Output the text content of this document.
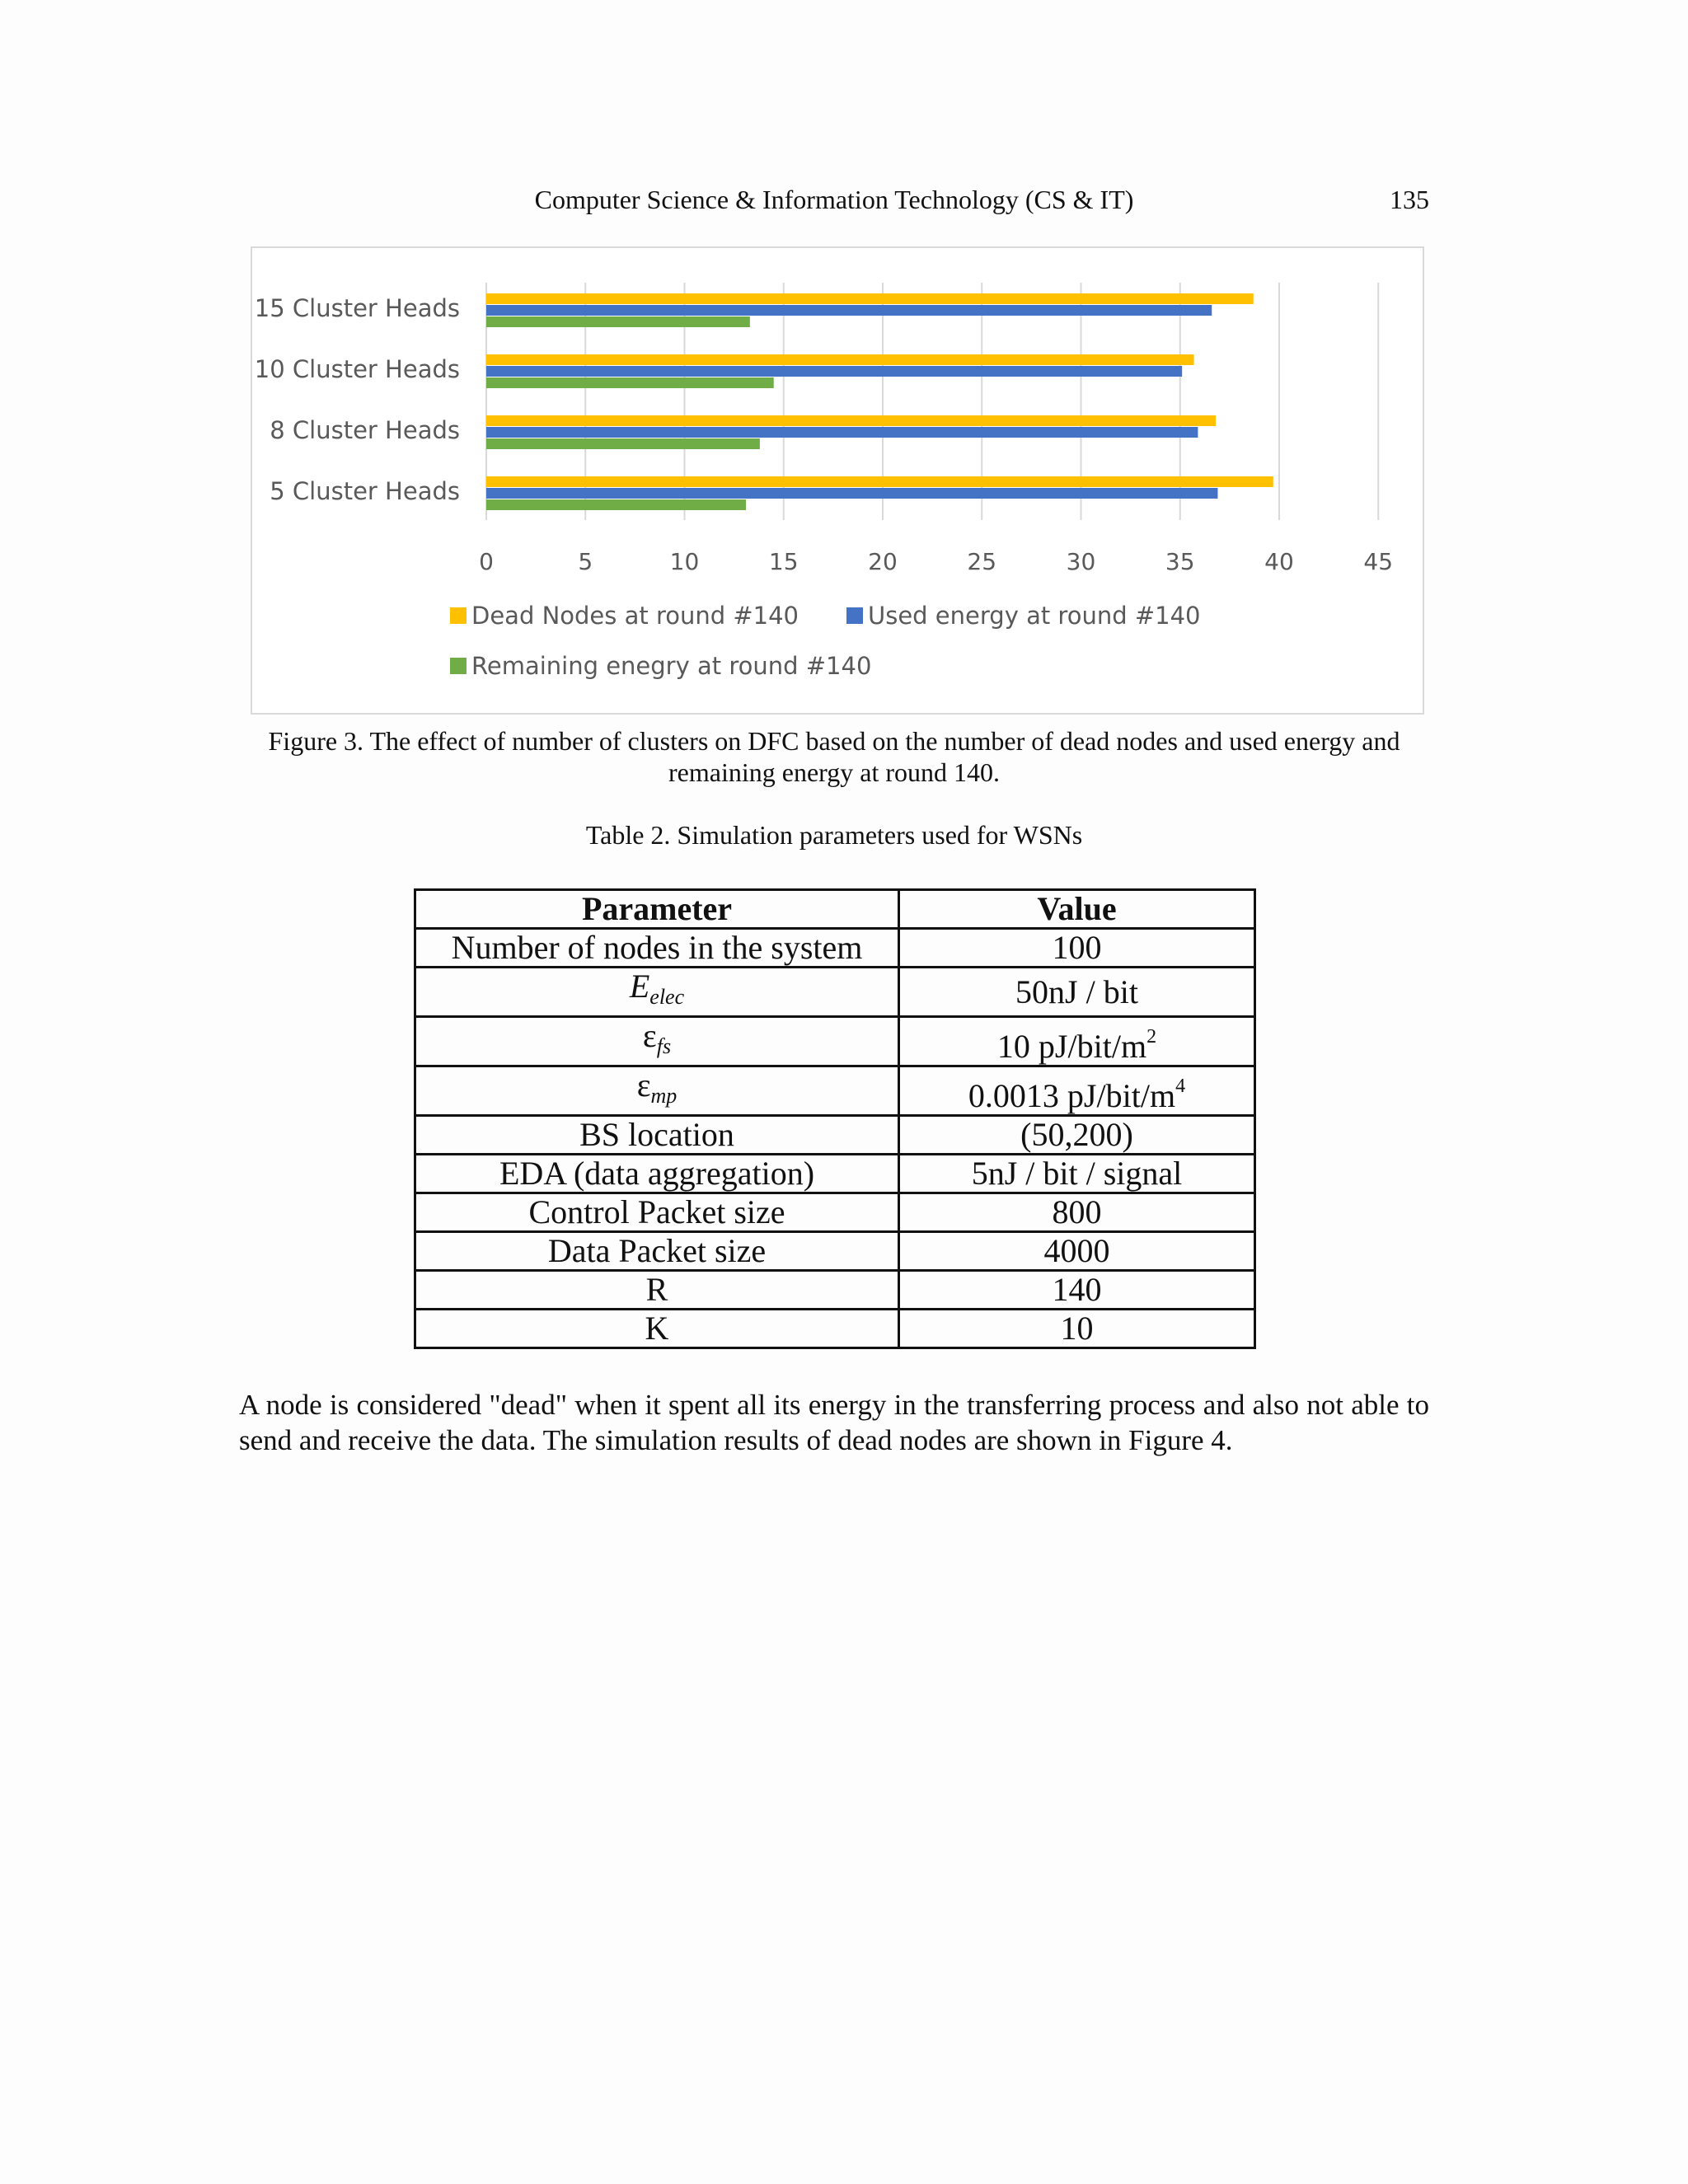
Computer Science & Information Technology (CS & IT)	135
0	5	10	15	20	25	30	35	40	45
15 Cluster Heads
10 Cluster Heads
8 Cluster Heads
5 Cluster Heads
Dead Nodes at round #140	Used energy at round #140
Remaining enegry at round #140
Figure 3. The effect of number of clusters on DFC based on the number of dead nodes and used energy and
remaining energy at round 140.
Table 2. Simulation parameters used for WSNs
Parameter	Value
Number of nodes in the system	100
$E_{elec}$	50nJ / bit
$\varepsilon_{fs}$	10 $pJ/bit/m^2$
$\varepsilon_{mp}$	0.0013 $pJ/bit/m^4$
BS location	(50,200)
EDA (data aggregation)	5nJ / bit / signal
Control Packet size	800
Data Packet size	4000
R	140
K	10
A node is considered "dead" when it spent all its energy in the transferring process and also not able to send and receive the data. The simulation results of dead nodes are shown in Figure 4.
